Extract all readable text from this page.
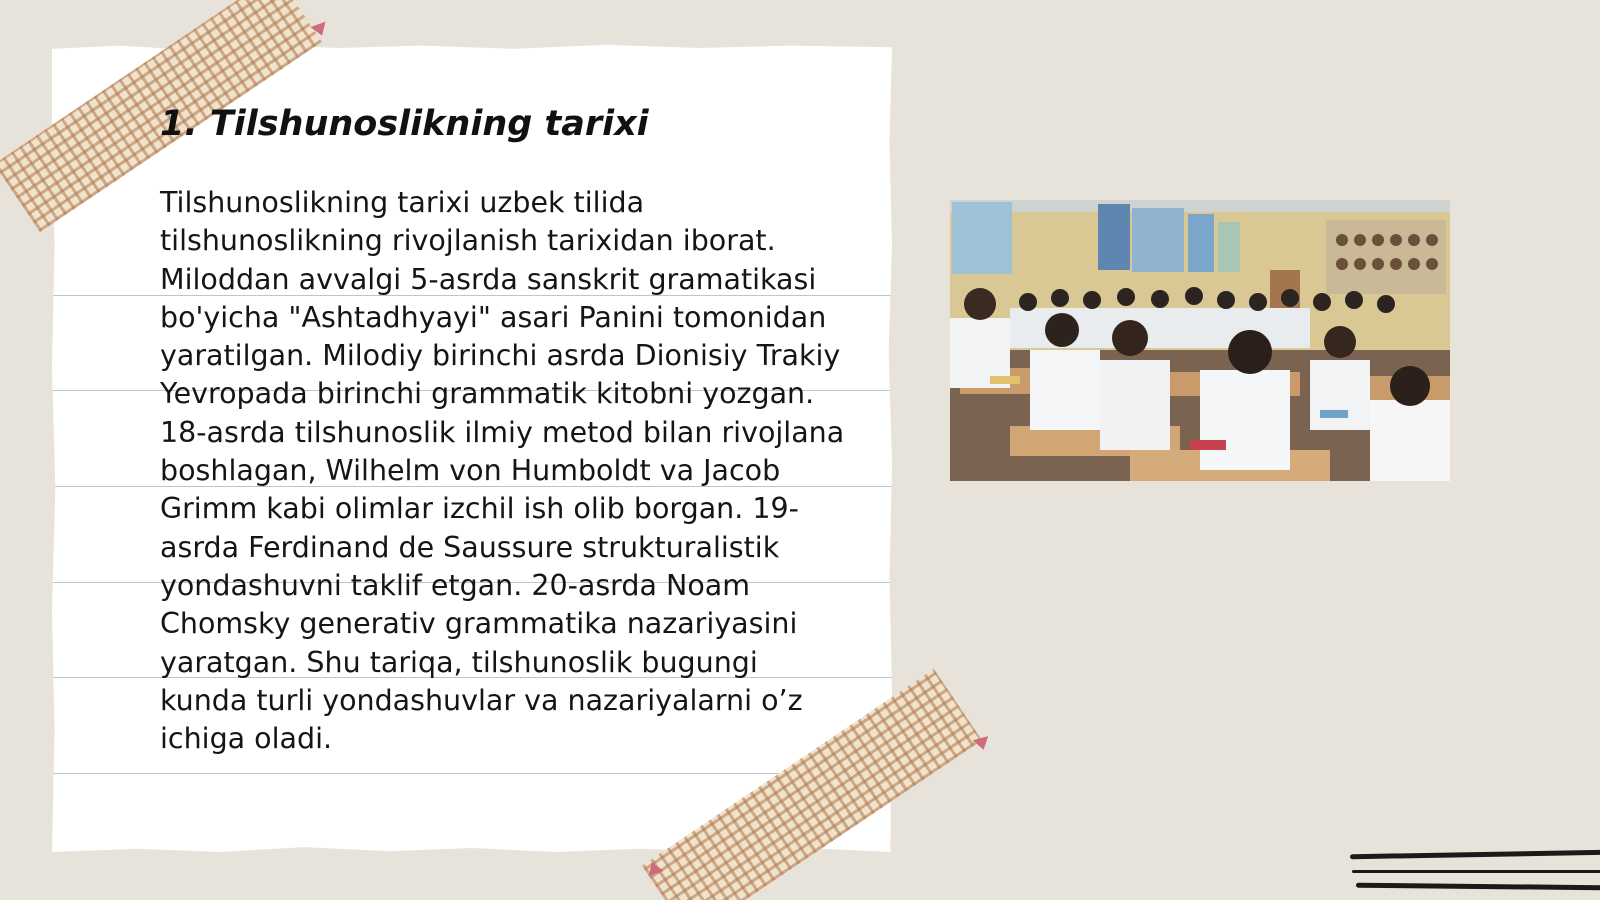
1. Tilshunoslikning tarixi

Tilshunoslikning tarixi uzbek tilida tilshunoslikning rivojlanish tarixidan iborat. Miloddan avvalgi 5-asrda sanskrit gramatikasi bo'yicha "Ashtadhyayi" asari Panini tomonidan yaratilgan. Milodiy birinchi asrda Dionisiy Trakiy Yevropada birinchi grammatik kitobni yozgan. 18-asrda tilshunoslik ilmiy metod bilan rivojlana boshlagan, Wilhelm von Humboldt va Jacob Grimm kabi olimlar izchil ish olib borgan. 19-asrda Ferdinand de Saussure strukturalistik yondashuvni taklif etgan. 20-asrda Noam Chomsky generativ grammatika nazariyasini yaratgan. Shu tariqa, tilshunoslik bugungi kunda turli yondashuvlar va nazariyalarni o’z ichiga oladi.
